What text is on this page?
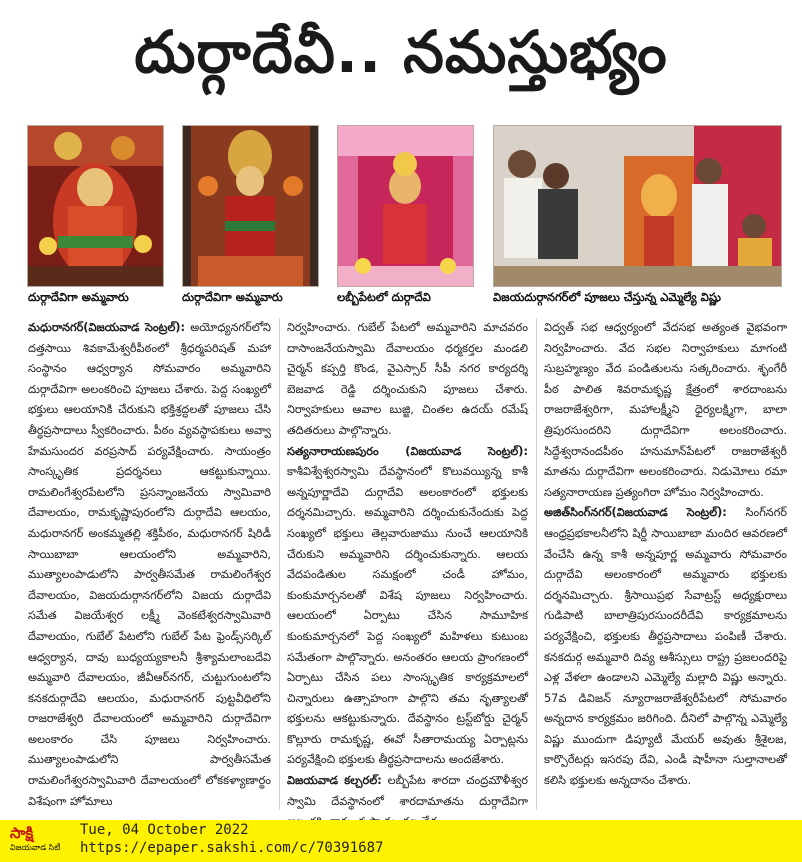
దుర్గాదేవీ.. నమస్తుభ్యం
దుర్గాదేవిగా అమ్మవారు	దుర్గాదేవిగా అమ్మవారు	లబ్బీపేటలో దుర్గాదేవి	విజయదుర్గానగర్‌లో పూజలు చేస్తున్న ఎమ్మెల్యే విష్ణు

మధురానగర్(విజయవాడ సెంట్రల్): అయోధ్యనగర్‌లోని దత్తసాయి శివకామేశ్వరీపీఠంలో శ్రీధర్మపరిషత్ మహా సంస్థానం ఆధ్వర్యాన సోమవారం అమ్మవారిని దుర్గాదేవిగా అలంకరించి పూజలు చేశారు. పెద్ద సంఖ్యలో భక్తులు ఆలయానికి చేరుకుని భక్తిశ్రద్ధలతో పూజలు చేసి తీర్థప్రసాదాలు స్వీకరించారు. పీఠం వ్యవస్థాపకులు అవ్వా హేమసుందర వరప్రసాద్ పర్యవేక్షించారు. సాయంత్రం సాంస్కృతిక ప్రదర్శనలు ఆకట్టుకున్నాయి. రామలింగేశ్వరపేటలోని ప్రసన్నాంజనేయ స్వామివారి దేవాలయం, రామకృష్ణాపురంలోని దుర్గాదేవి ఆలయం, మధురానగర్ అంకమ్మతల్లి శక్తిపీఠం, మధురానగర్ షిరిడీ సాయిబాబా ఆలయంలోని అమ్మవారిని, ముత్యాలంపాడులోని పార్వతీసమేత రామలింగేశ్వర దేవాలయం, విజయదుర్గానగర్‌లోని విజయ దుర్గాదేవి సమేత విజయేశ్వర లక్ష్మీ వెంకటేశ్వరస్వామివారి దేవాలయం, గుబేల్ పేటలోని గుబేల్ పేట ఫ్రెండ్స్‌సర్కిల్ ఆధ్వర్యాన, దావు బుధ్యయ్యకాలనీ శ్రీశ్యామలాంబదేవి అమ్మవారి దేవాలయం, జీవీఆర్‌నగర్, చుట్టుగుంటలోని కనకదుర్గాదేవి ఆలయం, మధురానగర్ పుట్టవీధిలోని రాజరాజేశ్వరి దేవాలయంలో అమ్మవారిని దుర్గాదేవిగా అలంకారం చేసి పూజలు నిర్వహించారు. ముత్యాలంపాడులోని పార్వతీసమేత రామలింగేశ్వరస్వామివారి దేవాలయంలో లోకకళ్యాణార్థం విశేషంగా హోమాలు

నిర్వహించారు. గుబేల్ పేటలో అమ్మవారిని మాచవరం దాసాంజనేయస్వామి దేవాలయం ధర్మకర్తల మండలి చైర్మన్ కప్పర్తి కొండ, వైఎస్సార్ సీపీ నగర కార్యదర్శి బెజవాడ రెడ్డి దర్శించుకుని పూజలు చేశారు. నిర్వాహకులు ఆవాల బుజ్జి, చింతల ఉదయ్ రమేష్ తదితరులు పాల్గొన్నారు.

సత్యనారాయణపురం (విజయవాడ సెంట్రల్): కాశీవిశ్వేశ్వరస్వామి దేవస్థానంలో కొలువయ్యిన్న కాశీ అన్నపూర్ణాదేవి దుర్గాదేవి అలంకారంలో భక్తులకు దర్శనమిచ్చారు. అమ్మవారిని దర్శించుకునేందుకు పెద్ద సంఖ్యలో భక్తులు తెల్లవారుజాము నుంచే ఆలయానికి చేరుకుని అమ్మవారిని దర్శించుకున్నారు. ఆలయ వేదపండితుల సమక్షంలో చండీ హోమం, కుంకుమార్చనలతో విశేష పూజలు నిర్వహించారు. ఆలయంలో ఏర్పాటు చేసిన సామూహిక కుంకుమార్చనలో పెద్ద సంఖ్యలో మహిళలు కుటుంబ సమేతంగా పాల్గొన్నారు. అనంతరం ఆలయ ప్రాంగణంలో ఏర్పాటు చేసిన పలు సాంస్కృతిక కార్యక్రమాలలో చిన్నారులు ఉత్సాహంగా పాల్గొని తమ నృత్యాలతో భక్తులను ఆకట్టుకున్నారు. దేవస్థానం ట్రస్ట్‌బోర్డు చైర్మన్ కొల్లూరు రామకృష్ణ, ఈవో సీతారామయ్య ఏర్పాట్లను పర్యవేక్షించి భక్తులకు తీర్థప్రసాదాలను అందజేశారు.

విజయవాడ కల్చరల్: లబ్బీపేట శారదా చంద్రమౌళీశ్వర స్వామి దేవస్థానంలో శారదామాతను దుర్గాదేవిగా

విద్వత్ సభ ఆధ్వర్యంలో వేదసభ అత్యంత వైభవంగా నిర్వహించారు. వేద సభల నిర్వాహకులు మాగంటి సుబ్రహ్మణ్యం వేద పండితులను సత్కరించారు. శృంగేరీ పీఠ పాలిత శివరామకృష్ణ క్షేత్రంలో శారదాంబను రాజరాజేశ్వరిగా, మహాలక్ష్మీని ధైర్యలక్ష్మిగా, బాలా త్రిపురసుందరిని దుర్గాదేవిగా అలంకరించారు. సిద్ధేశ్వరానందపీఠం హనుమాన్‌పేటలో రాజరాజేశ్వరీ మాతను దుర్గాదేవిగా అలంకరించారు. నిడుమోలు రమా సత్యనారాయణ ప్రత్యంగిరా హోమం నిర్వహించారు.

అజిత్‌సింగ్‌నగర్(విజయవాడ సెంట్రల్): సింగ్‌నగర్ ఆంధ్రప్రభకాలనీలోని షిర్డీ సాయిబాబా మందిర ఆవరణలో వేంచేసి ఉన్న కాశీ అన్నపూర్ణ అమ్మవారు సోమవారం దుర్గాదేవి అలంకారంలో అమ్మవారు భక్తులకు దర్శనమిచ్చారు. శ్రీసాయిప్రభ సేవాట్రస్ట్ అధ్యక్షురాలు గుడిపాటి బాలాత్రిపురసుందరీదేవి కార్యక్రమాలను పర్యవేక్షించి, భక్తులకు తీర్థప్రసాదాలు పంపిణీ చేశారు. కనకదుర్గ అమ్మవారి దివ్య ఆశీస్సులు రాష్ట్ర ప్రజలందరిపై ఎళ్ల వేళలా ఉండాలని ఎమ్మెల్యే మల్లాది విష్ణు అన్నారు. 57వ డివిజన్ న్యూరాజరాజేశ్వరీపేటలో సోమవారం అన్నదాన కార్యక్రమం జరిగింది. దీనిలో పాల్గొన్న ఎమ్మెల్యే విష్ణు ముందుగా డిప్యూటీ మేయర్ అవుతు శ్రీశైలజ, కార్పొరేటర్లు ఇసరపు దేవి, ఎండీ షాహీనా సుల్తానాలతో కలిసి భక్తులకు అన్నదానం చేశారు.

సాక్షి
విజయవాడ సిటీ
Tue, 04 October 2022
https://epaper.sakshi.com/c/70391687
